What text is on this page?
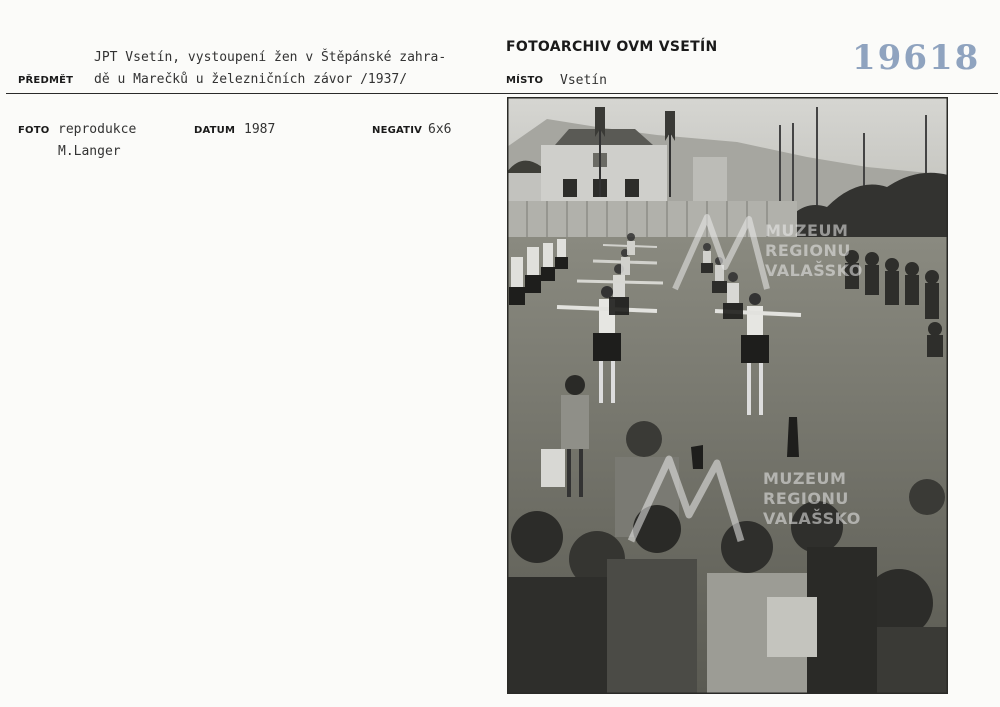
JPT Vsetín, vystoupení žen v Štěpánské zahra-
PŘEDMĚT dě u Marečků u železničních závor /1937/
FOTOARCHIV OVM VSETÍN
MÍSTO Vsetín
19618
FOTO reprodukce
M.Langer
DATUM 1987	NEGATIV 6x6
MUZEUM
REGIONU
VALAŠSKO
MUZEUM
REGIONU
VALAŠSKO
